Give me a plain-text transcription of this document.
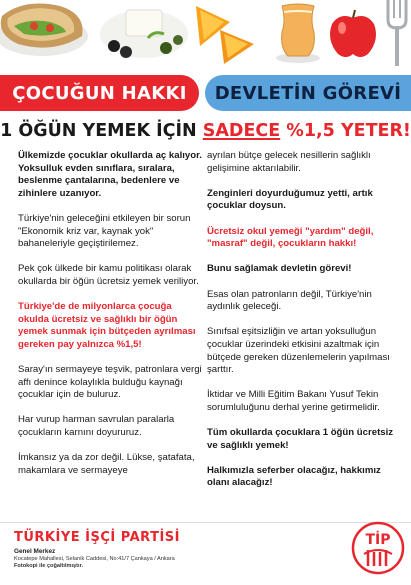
ÇOCUĞUN HAKKI	DEVLETİN GÖREVİ
1 ÖĞÜN YEMEK İÇİN SADECE %1,5 YETER!

Ülkemizde çocuklar okullarda aç kalıyor. Yoksulluk evden sınıflara, sıralara, beslenme çantalarına, bedenlere ve zihinlere uzanıyor.

Türkiye'nin geleceğini etkileyen bir sorun "Ekonomik kriz var, kaynak yok" bahaneleriyle geçiştirilemez.

Pek çok ülkede bir kamu politikası olarak okullarda bir öğün ücretsiz yemek veriliyor.

Türkiye'de de milyonlarca çocuğa okulda ücretsiz ve sağlıklı bir öğün yemek sunmak için bütçeden ayrılması gereken pay yalnızca %1,5!

Saray'ın sermayeye teşvik, patronlara vergi affı denince kolaylıkla bulduğu kaynağı çocuklar için de buluruz.

Har vurup harman savrulan paralarla çocukların karnını doyururuz.

İmkansız ya da zor değil. Lükse, şatafata, makamlara ve sermayeye

ayrılan bütçe gelecek nesillerin sağlıklı gelişimine aktarılabilir.

Zenginleri doyurduğumuz yetti, artık çocuklar doysun.

Ücretsiz okul yemeği "yardım" değil, "masraf" değil, çocukların hakkı!

Bunu sağlamak devletin görevi!

Esas olan patronların değil, Türkiye'nin aydınlık geleceği.

Sınıfsal eşitsizliğin ve artan yoksulluğun çocuklar üzerindeki etkisini azaltmak için bütçede gereken düzenlemelerin yapılması şarttır.

İktidar ve Milli Eğitim Bakanı Yusuf Tekin sorumluluğunu derhal yerine getirmelidir.

Tüm okullarda çocuklara 1 öğün ücretsiz ve sağlıklı yemek!

Halkımızla seferber olacağız, hakkımız olanı alacağız!

TÜRKİYE İŞÇİ PARTİSİ
Genel Merkez
Kocatepe Mahallesi, Selanik Caddesi, No:41/7 Çankaya / Ankara
Fotokopi ile çoğaltılmıştır.
TİP
